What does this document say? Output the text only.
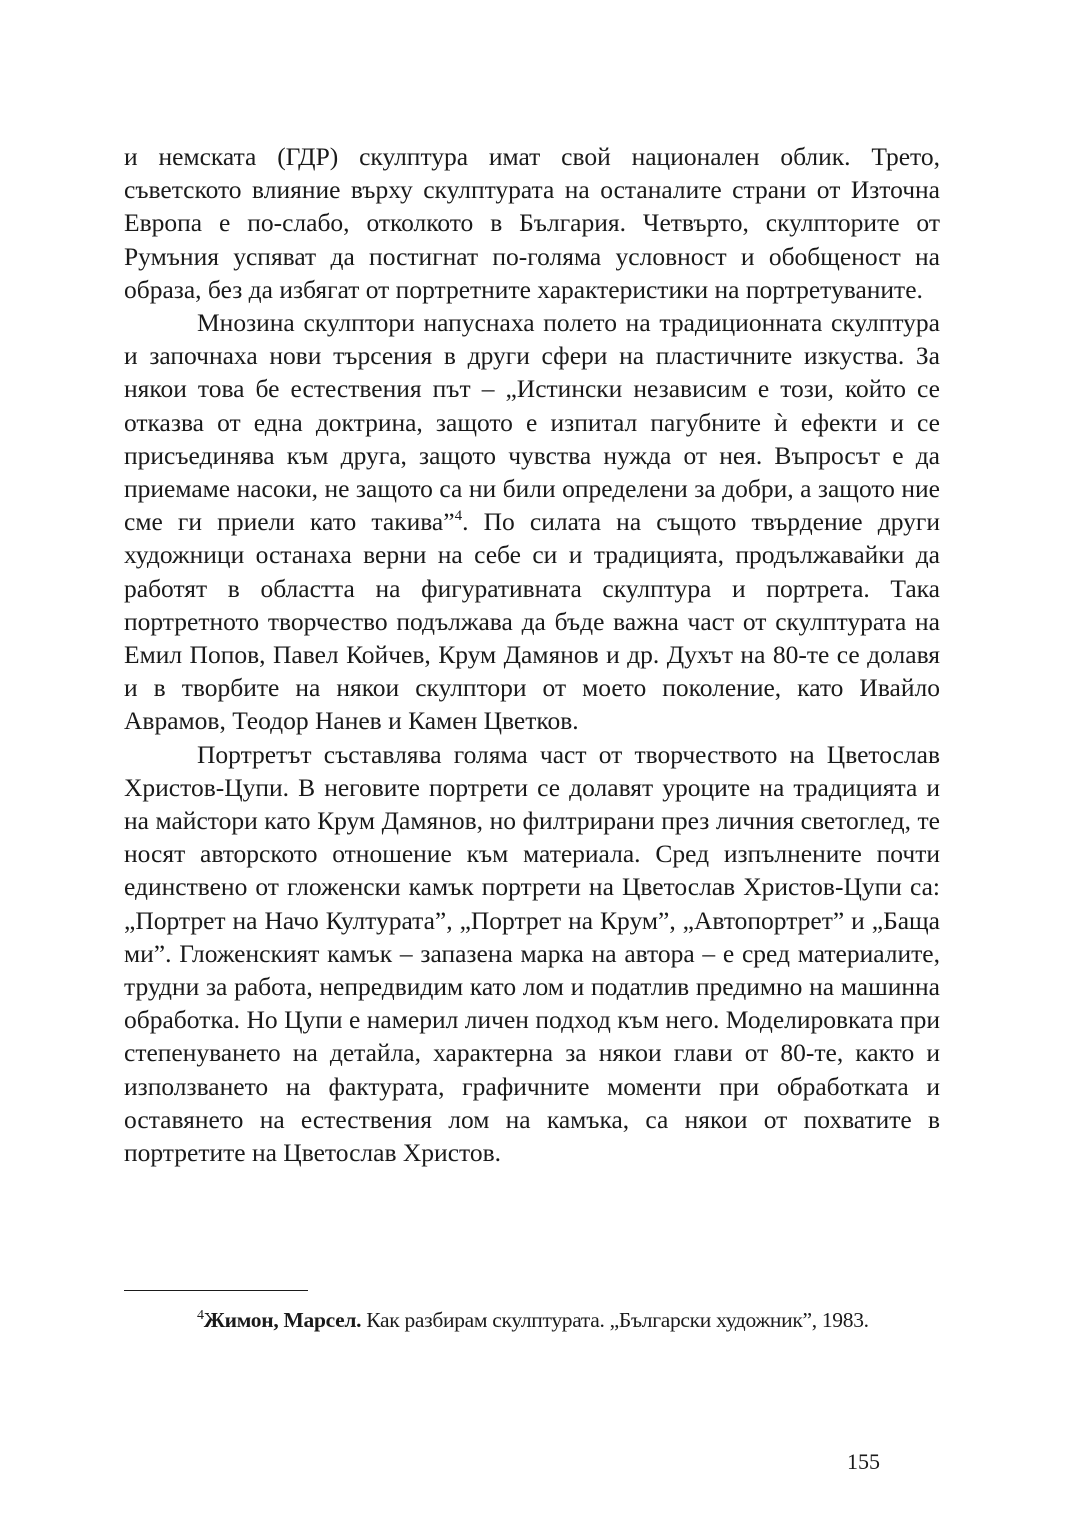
и немската (ГДР) скулптура имат свой национален облик. Трето, съветското влияние върху скулптурата на останалите страни от Източна Европа е по-слабо, отколкото в България. Четвърто, скулпторите от Румъния успяват да постигнат по-голяма условност и обобщеност на образа, без да избягат от портретните характеристики на портретуваните.

Мнозина скулптори напуснаха полето на традиционната скулптура и започнаха нови търсения в други сфери на пластичните изкуства. За някои това бе естествения път – „Истински независим е този, който се отказва от една доктрина, защото е изпитал пагубните ѝ ефекти и се присъединява към друга, защото чувства нужда от нея. Въпросът е да приемаме насоки, не защото са ни били определени за добри, а защото ние сме ги приели като такива”$^4$. По силата на същото твърдение други художници останаха верни на себе си и традицията, продължавайки да работят в областта на фигуративната скулптура и портрета. Така портретното творчество подължава да бъде важна част от скулптурата на Емил Попов, Павел Койчев, Крум Дамянов и др. Духът на 80-те се долавя и в творбите на някои скулптори от моето поколение, като Ивайло Аврамов, Теодор Нанев и Камен Цветков.

Портретът съставлява голяма част от творчеството на Цветослав Христов-Цупи. В неговите портрети се долавят уроците на традицията и на майстори като Крум Дамянов, но филтрирани през личния светоглед, те носят авторското отношение към материала. Сред изпълнените почти единствено от гложенски камък портрети на Цветослав Христов-Цупи са: „Портрет на Начо Културата”, „Портрет на Крум”, „Автопортрет” и „Баща ми”. Гложенският камък – запазена марка на автора – е сред материалите, трудни за работа, непредвидим като лом и податлив предимно на машинна обработка. Но Цупи е намерил личен подход към него. Моделировката при степенуването на детайла, характерна за някои глави от 80-те, както и използването на фактурата, графичните моменти при обработката и оставянето на естествения лом на камъка, са някои от похватите в портретите на Цветослав Христов.

$^4$Жимон, Марсел. Как разбирам скулптурата. „Български художник”, 1983.

155
